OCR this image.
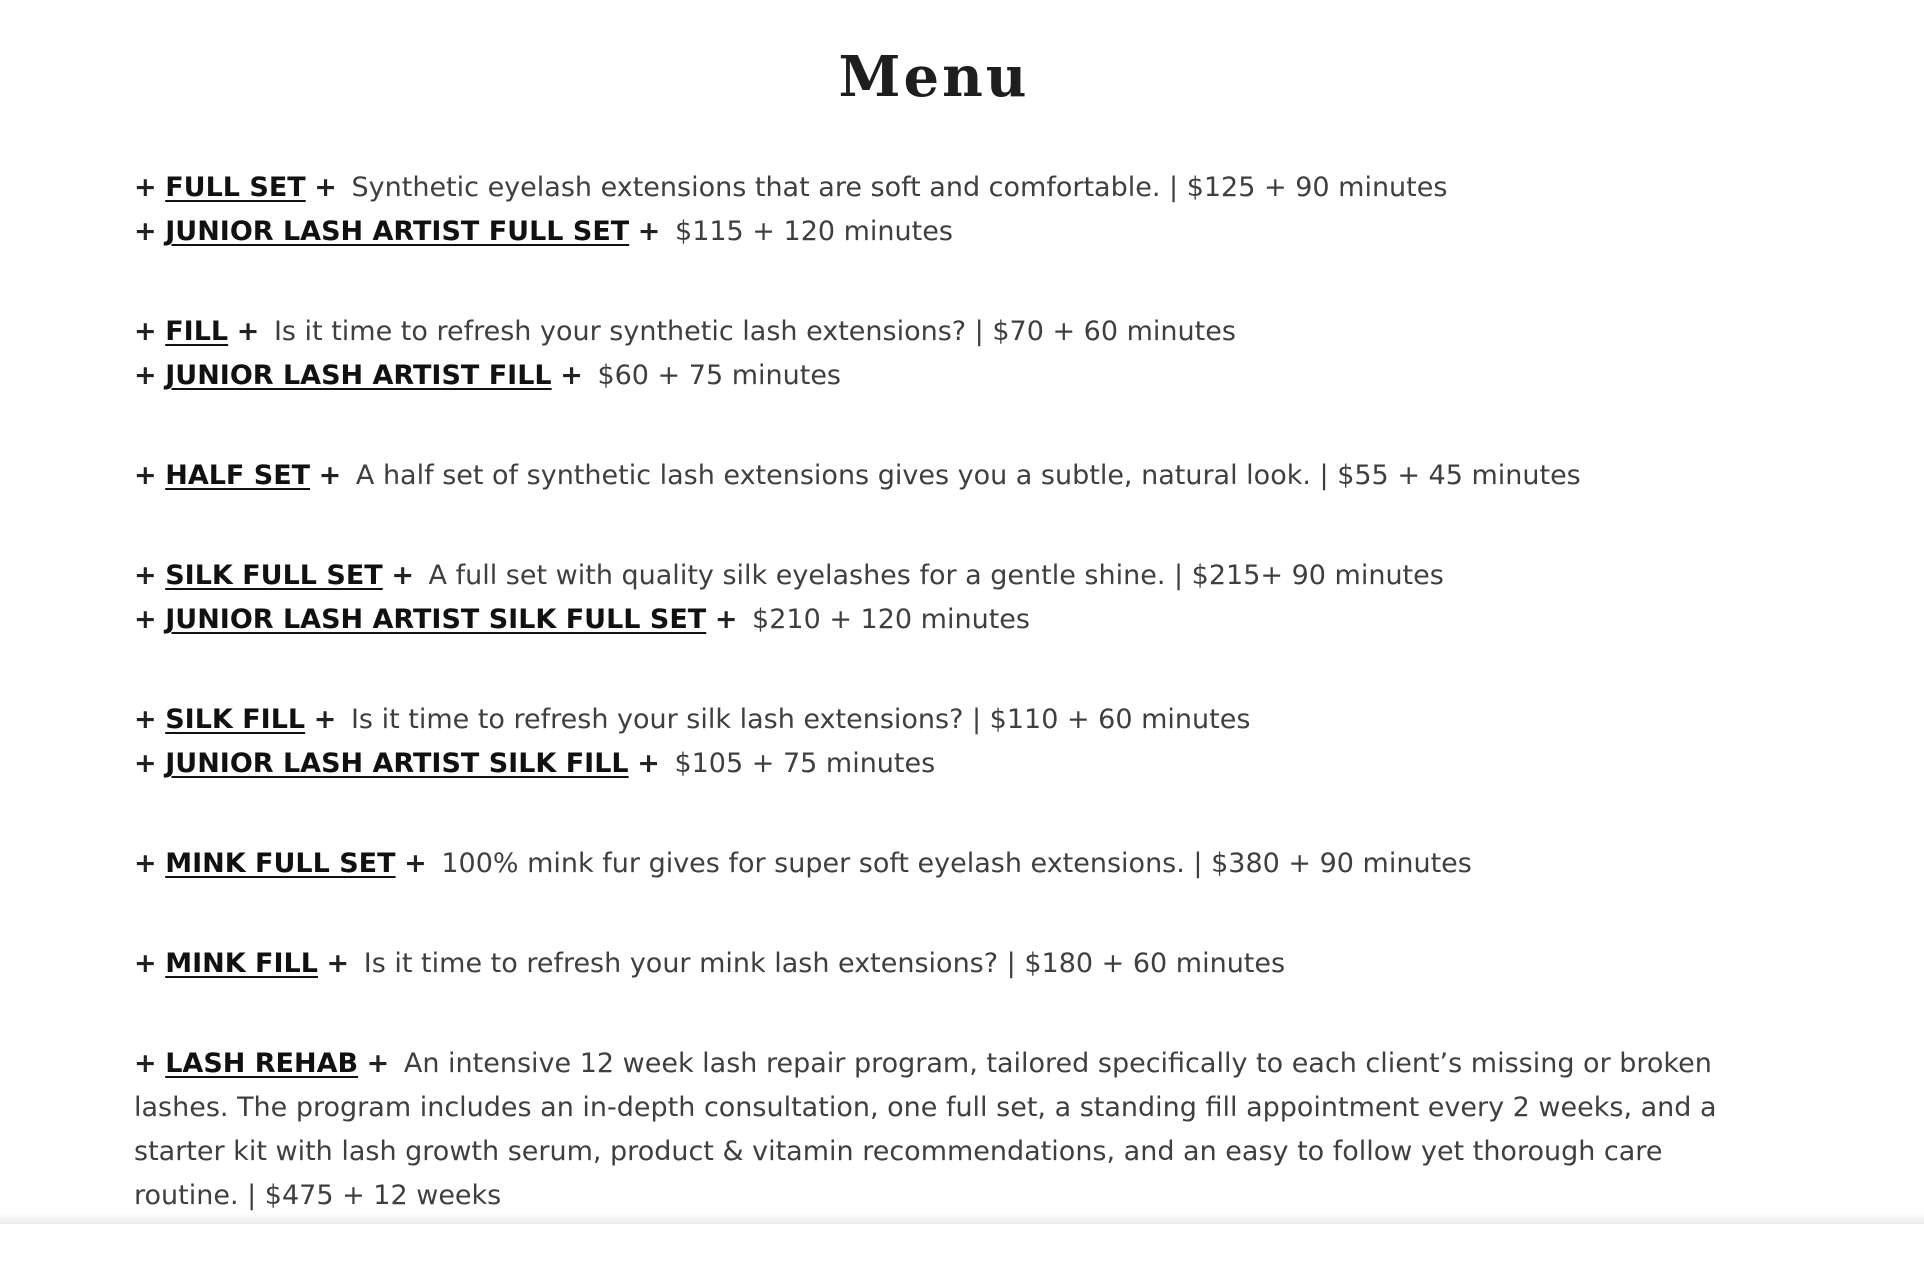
Menu
+ FULL SET + Synthetic eyelash extensions that are soft and comfortable. | $125 + 90 minutes
+ JUNIOR LASH ARTIST FULL SET + $115 + 120 minutes
+ FILL + Is it time to refresh your synthetic lash extensions? | $70 + 60 minutes
+ JUNIOR LASH ARTIST FILL + $60 + 75 minutes
+ HALF SET + A half set of synthetic lash extensions gives you a subtle, natural look. | $55 + 45 minutes
+ SILK FULL SET + A full set with quality silk eyelashes for a gentle shine. | $215+ 90 minutes
+ JUNIOR LASH ARTIST SILK FULL SET + $210 + 120 minutes
+ SILK FILL + Is it time to refresh your silk lash extensions? | $110 + 60 minutes
+ JUNIOR LASH ARTIST SILK FILL + $105 + 75 minutes
+ MINK FULL SET + 100% mink fur gives for super soft eyelash extensions. | $380 + 90 minutes
+ MINK FILL + Is it time to refresh your mink lash extensions? | $180 + 60 minutes
+ LASH REHAB + An intensive 12 week lash repair program, tailored specifically to each client’s missing or broken lashes. The program includes an in-depth consultation, one full set, a standing fill appointment every 2 weeks, and a starter kit with lash growth serum, product & vitamin recommendations, and an easy to follow yet thorough care routine. | $475 + 12 weeks
